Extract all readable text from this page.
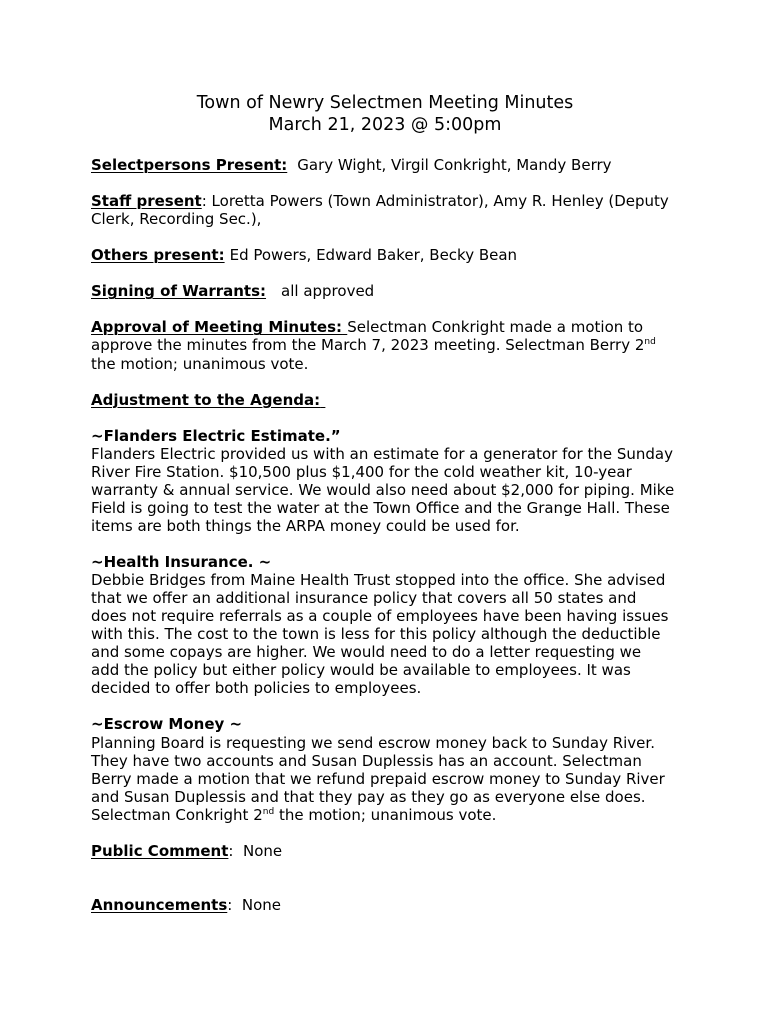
Town of Newry Selectmen Meeting Minutes
March 21, 2023 @ 5:00pm
Selectpersons Present: Gary Wight, Virgil Conkright, Mandy Berry
Staff present: Loretta Powers (Town Administrator), Amy R. Henley (Deputy
Clerk, Recording Sec.),
Others present: Ed Powers, Edward Baker, Becky Bean
Signing of Warrants: all approved
Approval of Meeting Minutes: Selectman Conkright made a motion to
approve the minutes from the March 7, 2023 meeting. Selectman Berry 2nd
the motion; unanimous vote.
Adjustment to the Agenda:
~Flanders Electric Estimate.”
Flanders Electric provided us with an estimate for a generator for the Sunday
River Fire Station. $10,500 plus $1,400 for the cold weather kit, 10-year
warranty & annual service. We would also need about $2,000 for piping. Mike
Field is going to test the water at the Town Office and the Grange Hall. These
items are both things the ARPA money could be used for.
~Health Insurance. ~
Debbie Bridges from Maine Health Trust stopped into the office. She advised
that we offer an additional insurance policy that covers all 50 states and
does not require referrals as a couple of employees have been having issues
with this. The cost to the town is less for this policy although the deductible
and some copays are higher. We would need to do a letter requesting we
add the policy but either policy would be available to employees. It was
decided to offer both policies to employees.
~Escrow Money ~
Planning Board is requesting we send escrow money back to Sunday River.
They have two accounts and Susan Duplessis has an account. Selectman
Berry made a motion that we refund prepaid escrow money to Sunday River
and Susan Duplessis and that they pay as they go as everyone else does.
Selectman Conkright 2nd the motion; unanimous vote.
Public Comment:  None
Announcements:  None
